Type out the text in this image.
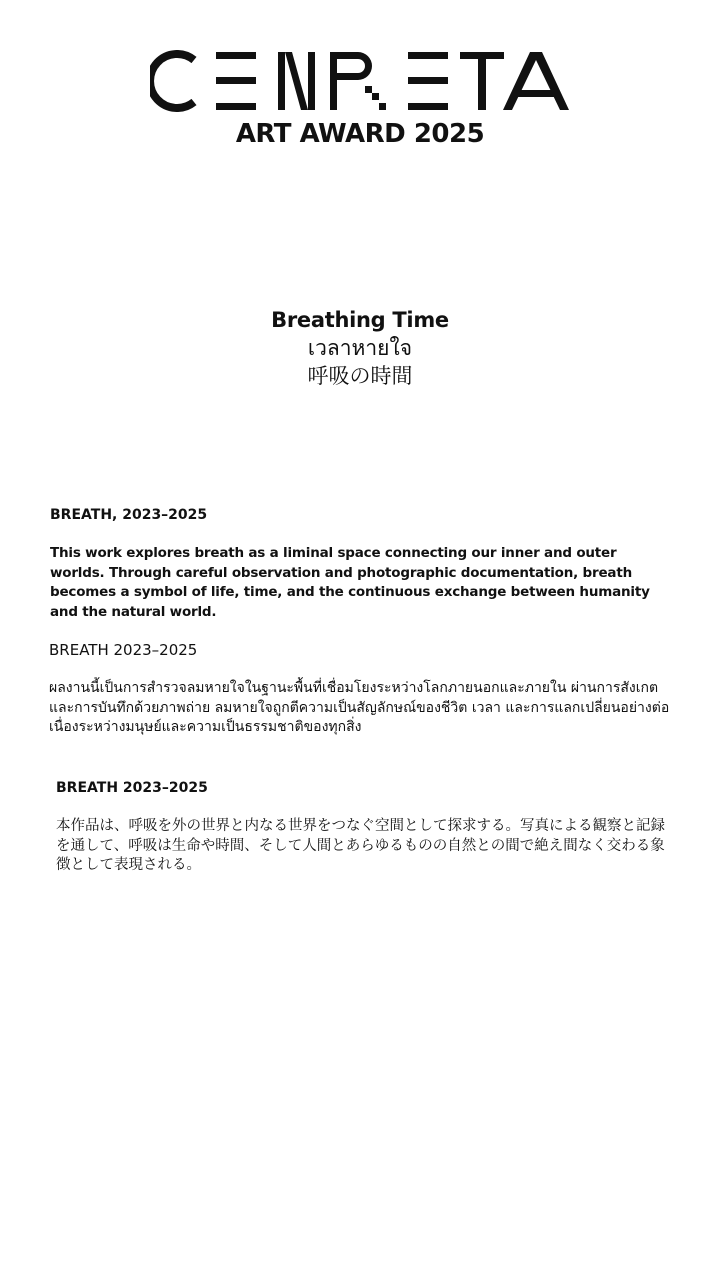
ART AWARD 2025
Breathing Time
เวลาหายใจ
呼吸の時間

BREATH, 2023–2025

This work explores breath as a liminal space connecting our inner and outer worlds. Through careful observation and photographic documentation, breath becomes a symbol of life, time, and the continuous exchange between humanity and the natural world.

BREATH 2023–2025

ผลงานนี้เป็นการสำรวจลมหายใจในฐานะพื้นที่เชื่อมโยงระหว่างโลกภายนอกและภายใน ผ่านการสังเกตและการบันทึกด้วยภาพถ่าย ลมหายใจถูกตีความเป็นสัญลักษณ์ของชีวิต เวลา และการแลกเปลี่ยนอย่างต่อเนื่องระหว่างมนุษย์และความเป็นธรรมชาติของทุกสิ่ง

BREATH 2023–2025

本作品は、呼吸を外の世界と内なる世界をつなぐ空間として探求する。写真による観察と記録を通して、呼吸は生命や時間、そして人間とあらゆるものの自然との間で絶え間なく交わる象徴として表現される。
